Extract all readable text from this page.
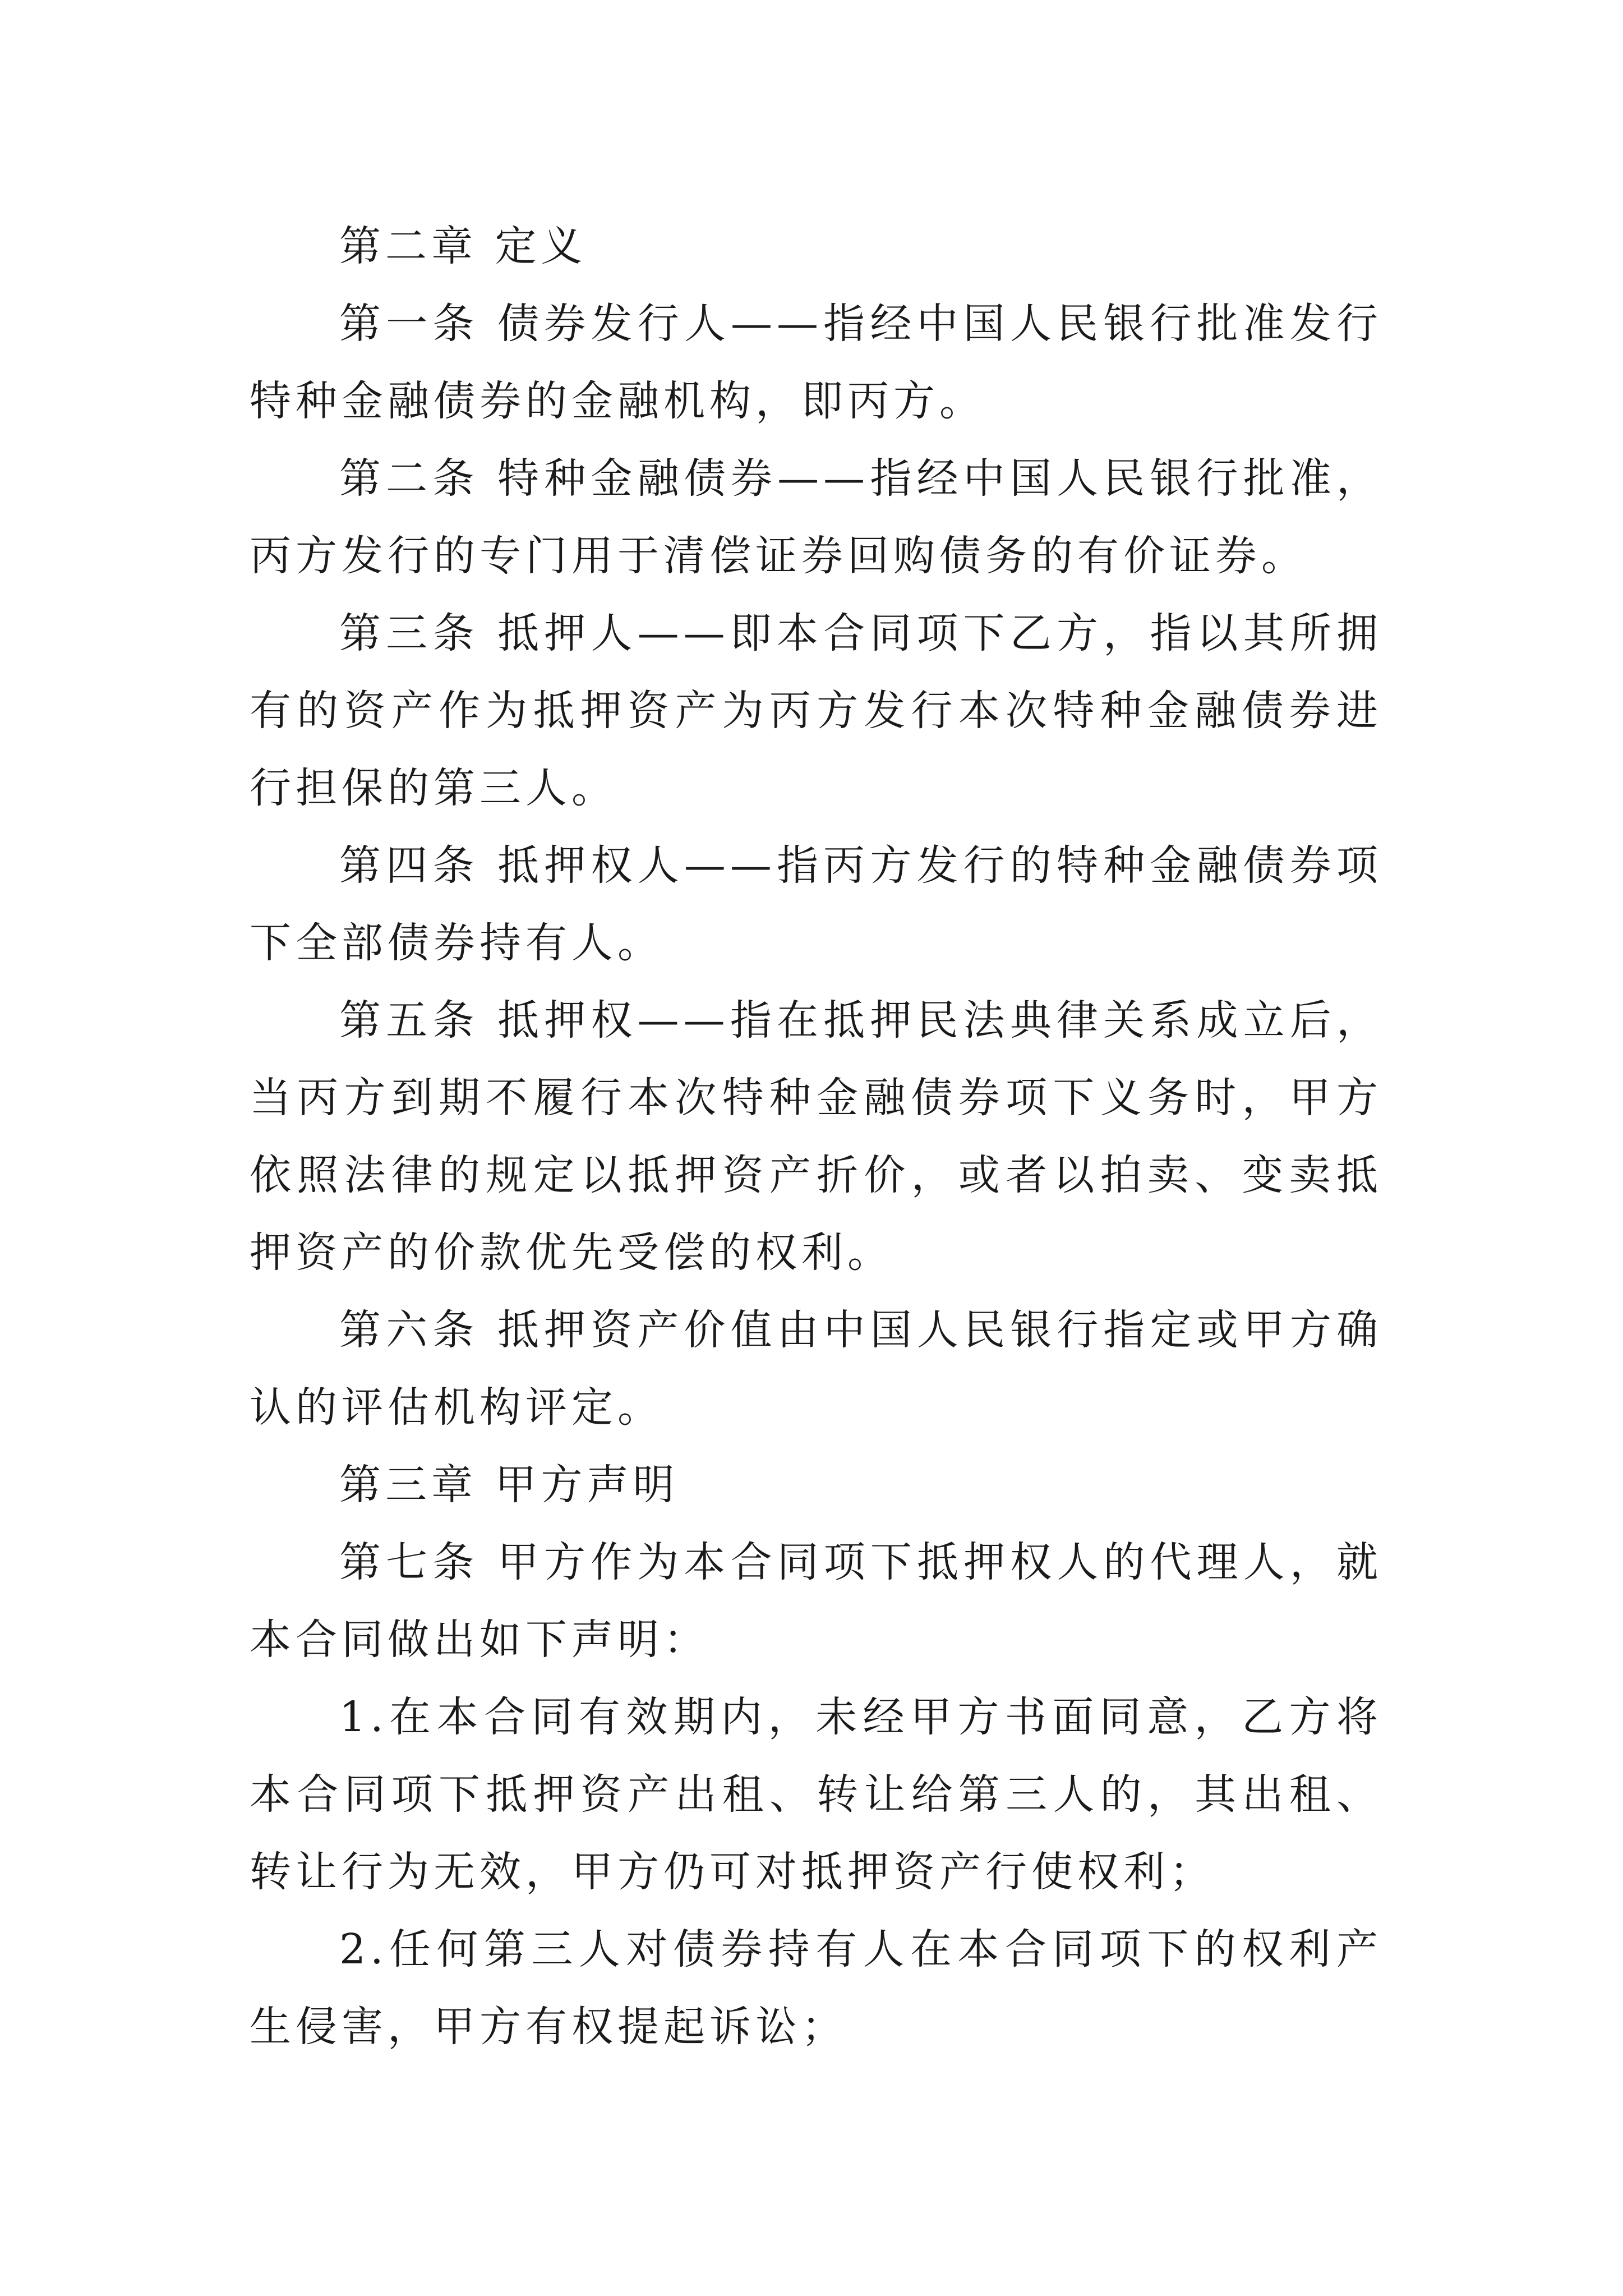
第二章 定义

第一条 债券发行人——指经中国人民银行批准发行特种金融债券的金融机构，即丙方。

第二条 特种金融债券——指经中国人民银行批准，丙方发行的专门用于清偿证券回购债务的有价证券。

第三条 抵押人——即本合同项下乙方，指以其所拥有的资产作为抵押资产为丙方发行本次特种金融债券进行担保的第三人。

第四条 抵押权人——指丙方发行的特种金融债券项下全部债券持有人。

第五条 抵押权——指在抵押民法典律关系成立后，当丙方到期不履行本次特种金融债券项下义务时，甲方依照法律的规定以抵押资产折价，或者以拍卖、变卖抵押资产的价款优先受偿的权利。

第六条 抵押资产价值由中国人民银行指定或甲方确认的评估机构评定。

第三章 甲方声明

第七条 甲方作为本合同项下抵押权人的代理人，就本合同做出如下声明：

1.在本合同有效期内，未经甲方书面同意，乙方将本合同项下抵押资产出租、转让给第三人的，其出租、转让行为无效，甲方仍可对抵押资产行使权利；

2.任何第三人对债券持有人在本合同项下的权利产生侵害，甲方有权提起诉讼；
